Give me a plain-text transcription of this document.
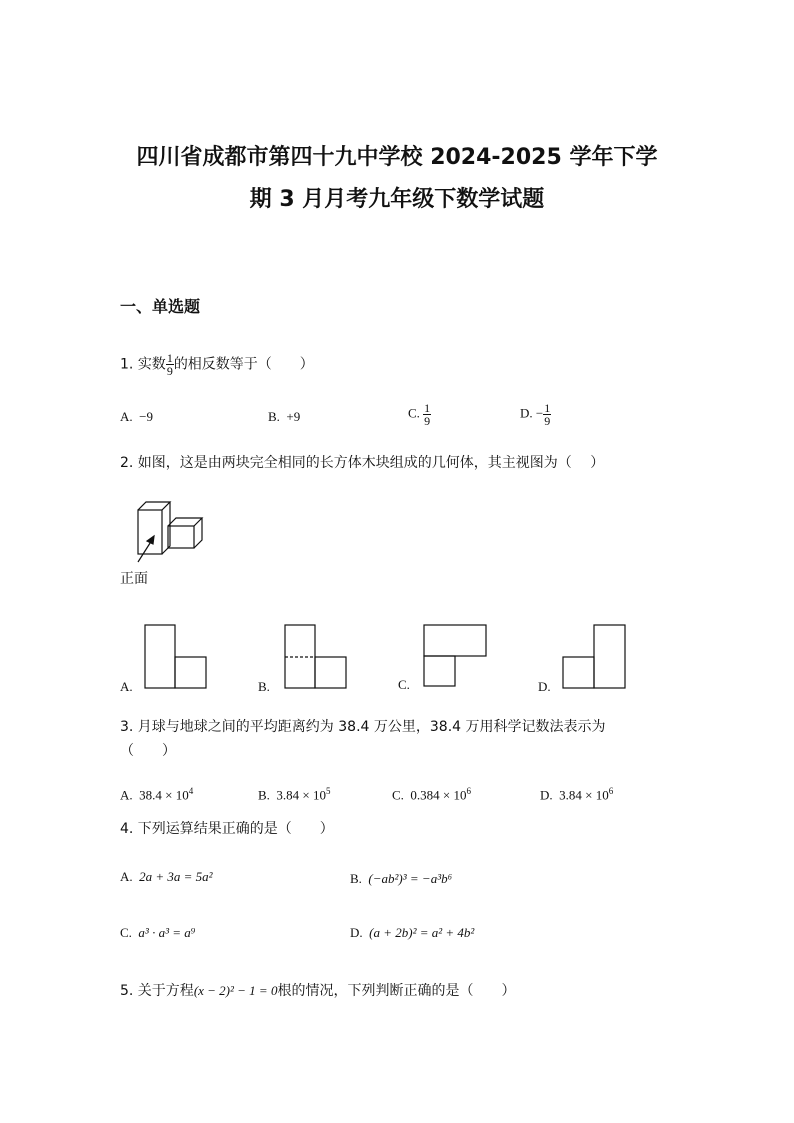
四川省成都市第四十九中学校 2024-2025 学年下学
期 3 月月考九年级下数学试题
一、单选题
1. 实数 $\frac{1}{9}$ 的相反数等于（　　）
A. −9	B. +9	C. $\frac{1}{9}$	D. − $\frac{1}{9}$
2. 如图，这是由两块完全相同的长方体木块组成的几何体，其主视图为（　 ）
正面
A.	B.	C.	D.
3. 月球与地球之间的平均距离约为 38.4 万公里，38.4 万用科学记数法表示为
（　　）
A. $38.4 \times 10^4$	B. $3.84 \times 10^5$	C. $0.384 \times 10^6$	D. $3.84 \times 10^6$
4. 下列运算结果正确的是（　　）
A. 2a + 3a = 5a²	B. (−ab²)³ = −a³b⁶
C. a³ · a³ = a⁹	D. (a + 2b)² = a² + 4b²
5. 关于方程(x − 2)² − 1 = 0根的情况，下列判断正确的是（　　）
